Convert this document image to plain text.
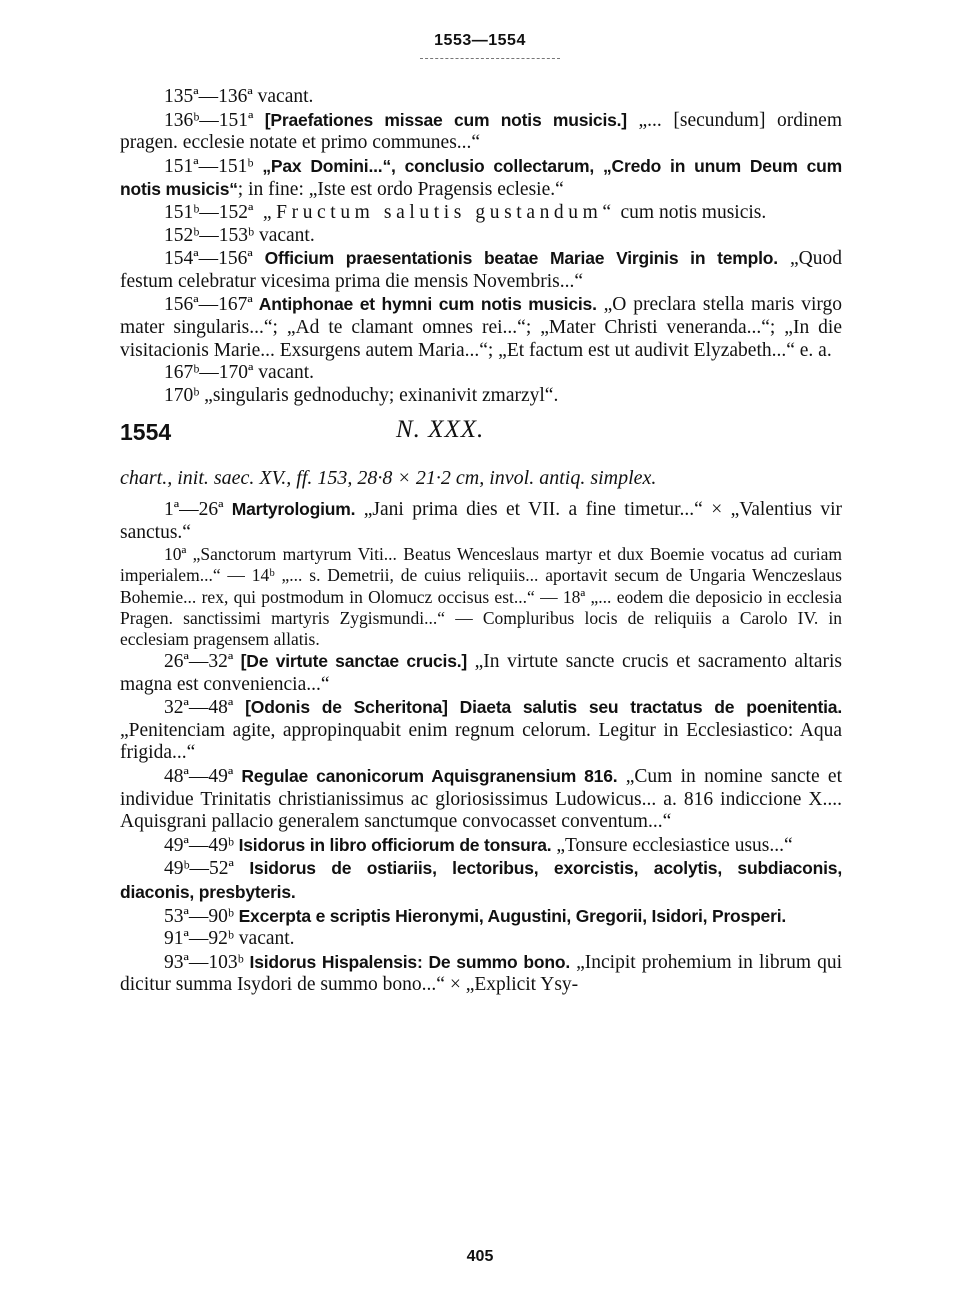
1553—1554

135ª—136ª vacant.

136ᵇ—151ª [Praefationes missae cum notis musicis.] „... [secundum] ordinem pragen. ecclesie notate et primo communes...“

151ª—151ᵇ „Pax Domini...“, conclusio collectarum, „Credo in unum Deum cum notis musicis“; in fine: „Iste est ordo Pragensis eclesie.“

151ᵇ—152ª „Fructum salutis gustandum“ cum notis musicis.

152ᵇ—153ᵇ vacant.

154ª—156ª Officium praesentationis beatae Mariae Virginis in templo. „Quod festum celebratur vicesima prima die mensis Novembris...“

156ª—167ª Antiphonae et hymni cum notis musicis. „O preclara stella maris virgo mater singularis...“; „Ad te clamant omnes rei...“; „Mater Christi veneranda...“; „In die visitacionis Marie... Exsurgens autem Maria...“; „Et factum est ut audivit Elyzabeth...“ e. a.

167ᵇ—170ª vacant.

170ᵇ „singularis gednoduchy; exinanivit zmarzyl“.

1554	N. XXX.

chart., init. saec. XV., ff. 153, 28·8 × 21·2 cm, invol. antiq. simplex.

1ª—26ª Martyrologium. „Jani prima dies et VII. a fine timetur...“ × „Valentius vir sanctus.“

10ª „Sanctorum martyrum Viti... Beatus Wenceslaus martyr et dux Boemie vocatus ad curiam imperialem...“ — 14ᵇ „... s. Demetrii, de cuius reliquiis... aportavit secum de Ungaria Wenczeslaus Bohemie... rex, qui postmodum in Olomucz occisus est...“ — 18ª „... eodem die deposicio in ecclesia Pragen. sanctissimi martyris Zygismundi...“ — Compluribus locis de reliquiis a Carolo IV. in ecclesiam pragensem allatis.

26ª—32ª [De virtute sanctae crucis.] „In virtute sancte crucis et sacramento altaris magna est conveniencia...“

32ª—48ª [Odonis de Scheritona] Diaeta salutis seu tractatus de poenitentia. „Penitenciam agite, appropinquabit enim regnum celorum. Legitur in Ecclesiastico: Aqua frigida...“

48ª—49ª Regulae canonicorum Aquisgranensium 816. „Cum in nomine sancte et individue Trinitatis christianissimus ac gloriosissimus Ludowicus... a. 816 indiccione X.... Aquisgrani pallacio generalem sanctumque convocasset conventum...“

49ª—49ᵇ Isidorus in libro officiorum de tonsura. „Tonsure ecclesiastice usus...“

49ᵇ—52ª Isidorus de ostiariis, lectoribus, exorcistis, acolytis, subdiaconis, diaconis, presbyteris.

53ª—90ᵇ Excerpta e scriptis Hieronymi, Augustini, Gregorii, Isidori, Prosperi.

91ª—92ᵇ vacant.

93ª—103ᵇ Isidorus Hispalensis: De summo bono. „Incipit prohemium in librum qui dicitur summa Isydori de summo bono...“ × „Explicit Ysy-

405
